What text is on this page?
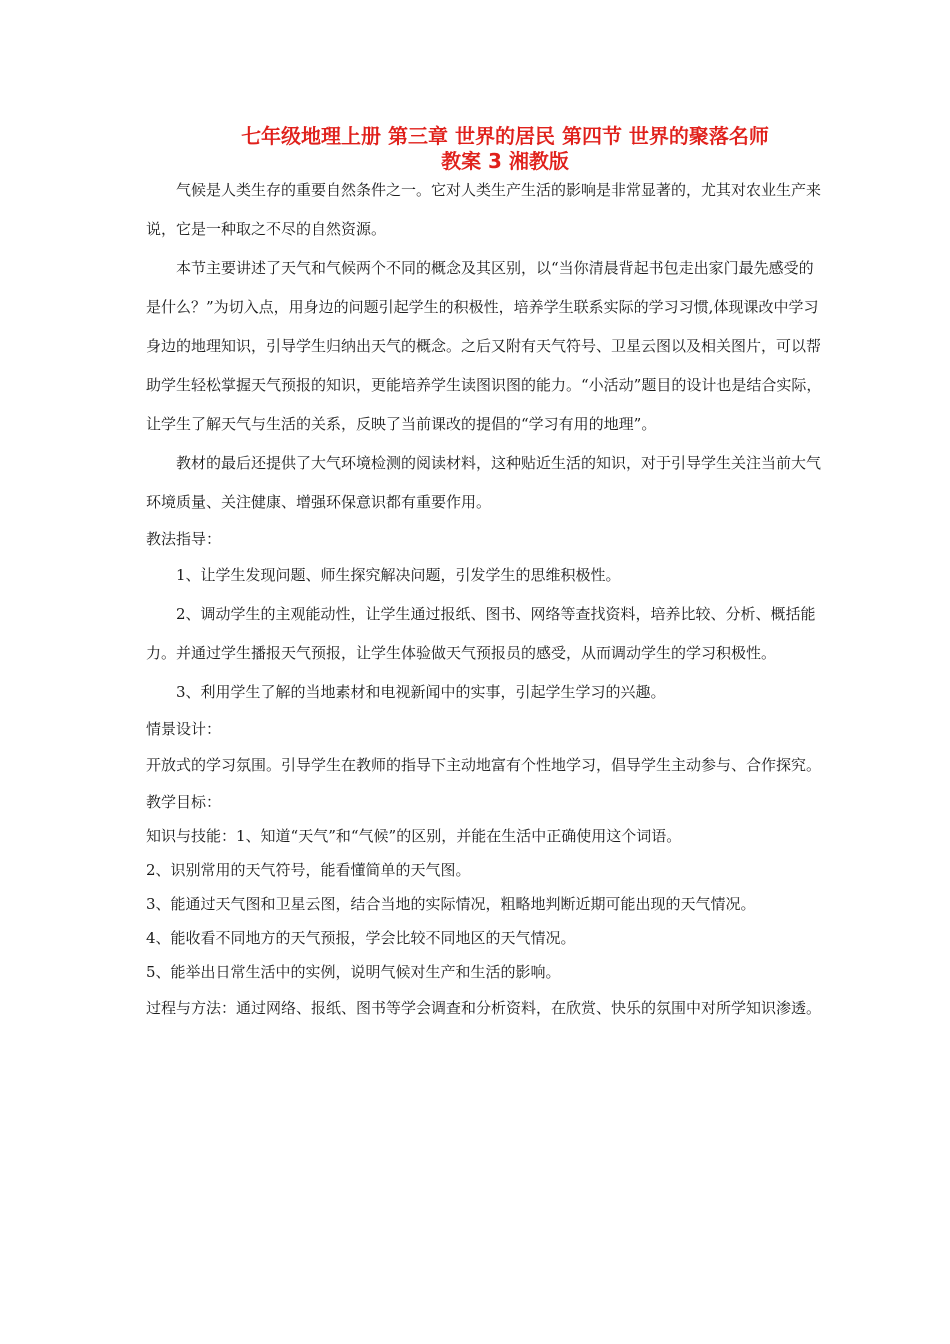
七年级地理上册 第三章 世界的居民 第四节 世界的聚落名师
教案 3 湘教版

气候是人类生存的重要自然条件之一。它对人类生产生活的影响是非常显著的，尤其对农业生产来说，它是一种取之不尽的自然资源。

本节主要讲述了天气和气候两个不同的概念及其区别，以“当你清晨背起书包走出家门最先感受的是什么？”为切入点，用身边的问题引起学生的积极性，培养学生联系实际的学习习惯,体现课改中学习身边的地理知识，引导学生归纳出天气的概念。之后又附有天气符号、卫星云图以及相关图片，可以帮助学生轻松掌握天气预报的知识，更能培养学生读图识图的能力。“小活动”题目的设计也是结合实际，让学生了解天气与生活的关系，反映了当前课改的提倡的“学习有用的地理”。

教材的最后还提供了大气环境检测的阅读材料，这种贴近生活的知识，对于引导学生关注当前大气环境质量、关注健康、增强环保意识都有重要作用。

教法指导：

1、让学生发现问题、师生探究解决问题，引发学生的思维积极性。

2、调动学生的主观能动性，让学生通过报纸、图书、网络等查找资料，培养比较、分析、概括能力。并通过学生播报天气预报，让学生体验做天气预报员的感受，从而调动学生的学习积极性。

3、利用学生了解的当地素材和电视新闻中的实事，引起学生学习的兴趣。

情景设计：

开放式的学习氛围。引导学生在教师的指导下主动地富有个性地学习，倡导学生主动参与、合作探究。

教学目标：

知识与技能：1、知道“天气”和“气候”的区别，并能在生活中正确使用这个词语。

2、识别常用的天气符号，能看懂简单的天气图。

3、能通过天气图和卫星云图，结合当地的实际情况，粗略地判断近期可能出现的天气情况。

4、能收看不同地方的天气预报，学会比较不同地区的天气情况。

5、能举出日常生活中的实例，说明气候对生产和生活的影响。

过程与方法：通过网络、报纸、图书等学会调查和分析资料，在欣赏、快乐的氛围中对所学知识渗透。
